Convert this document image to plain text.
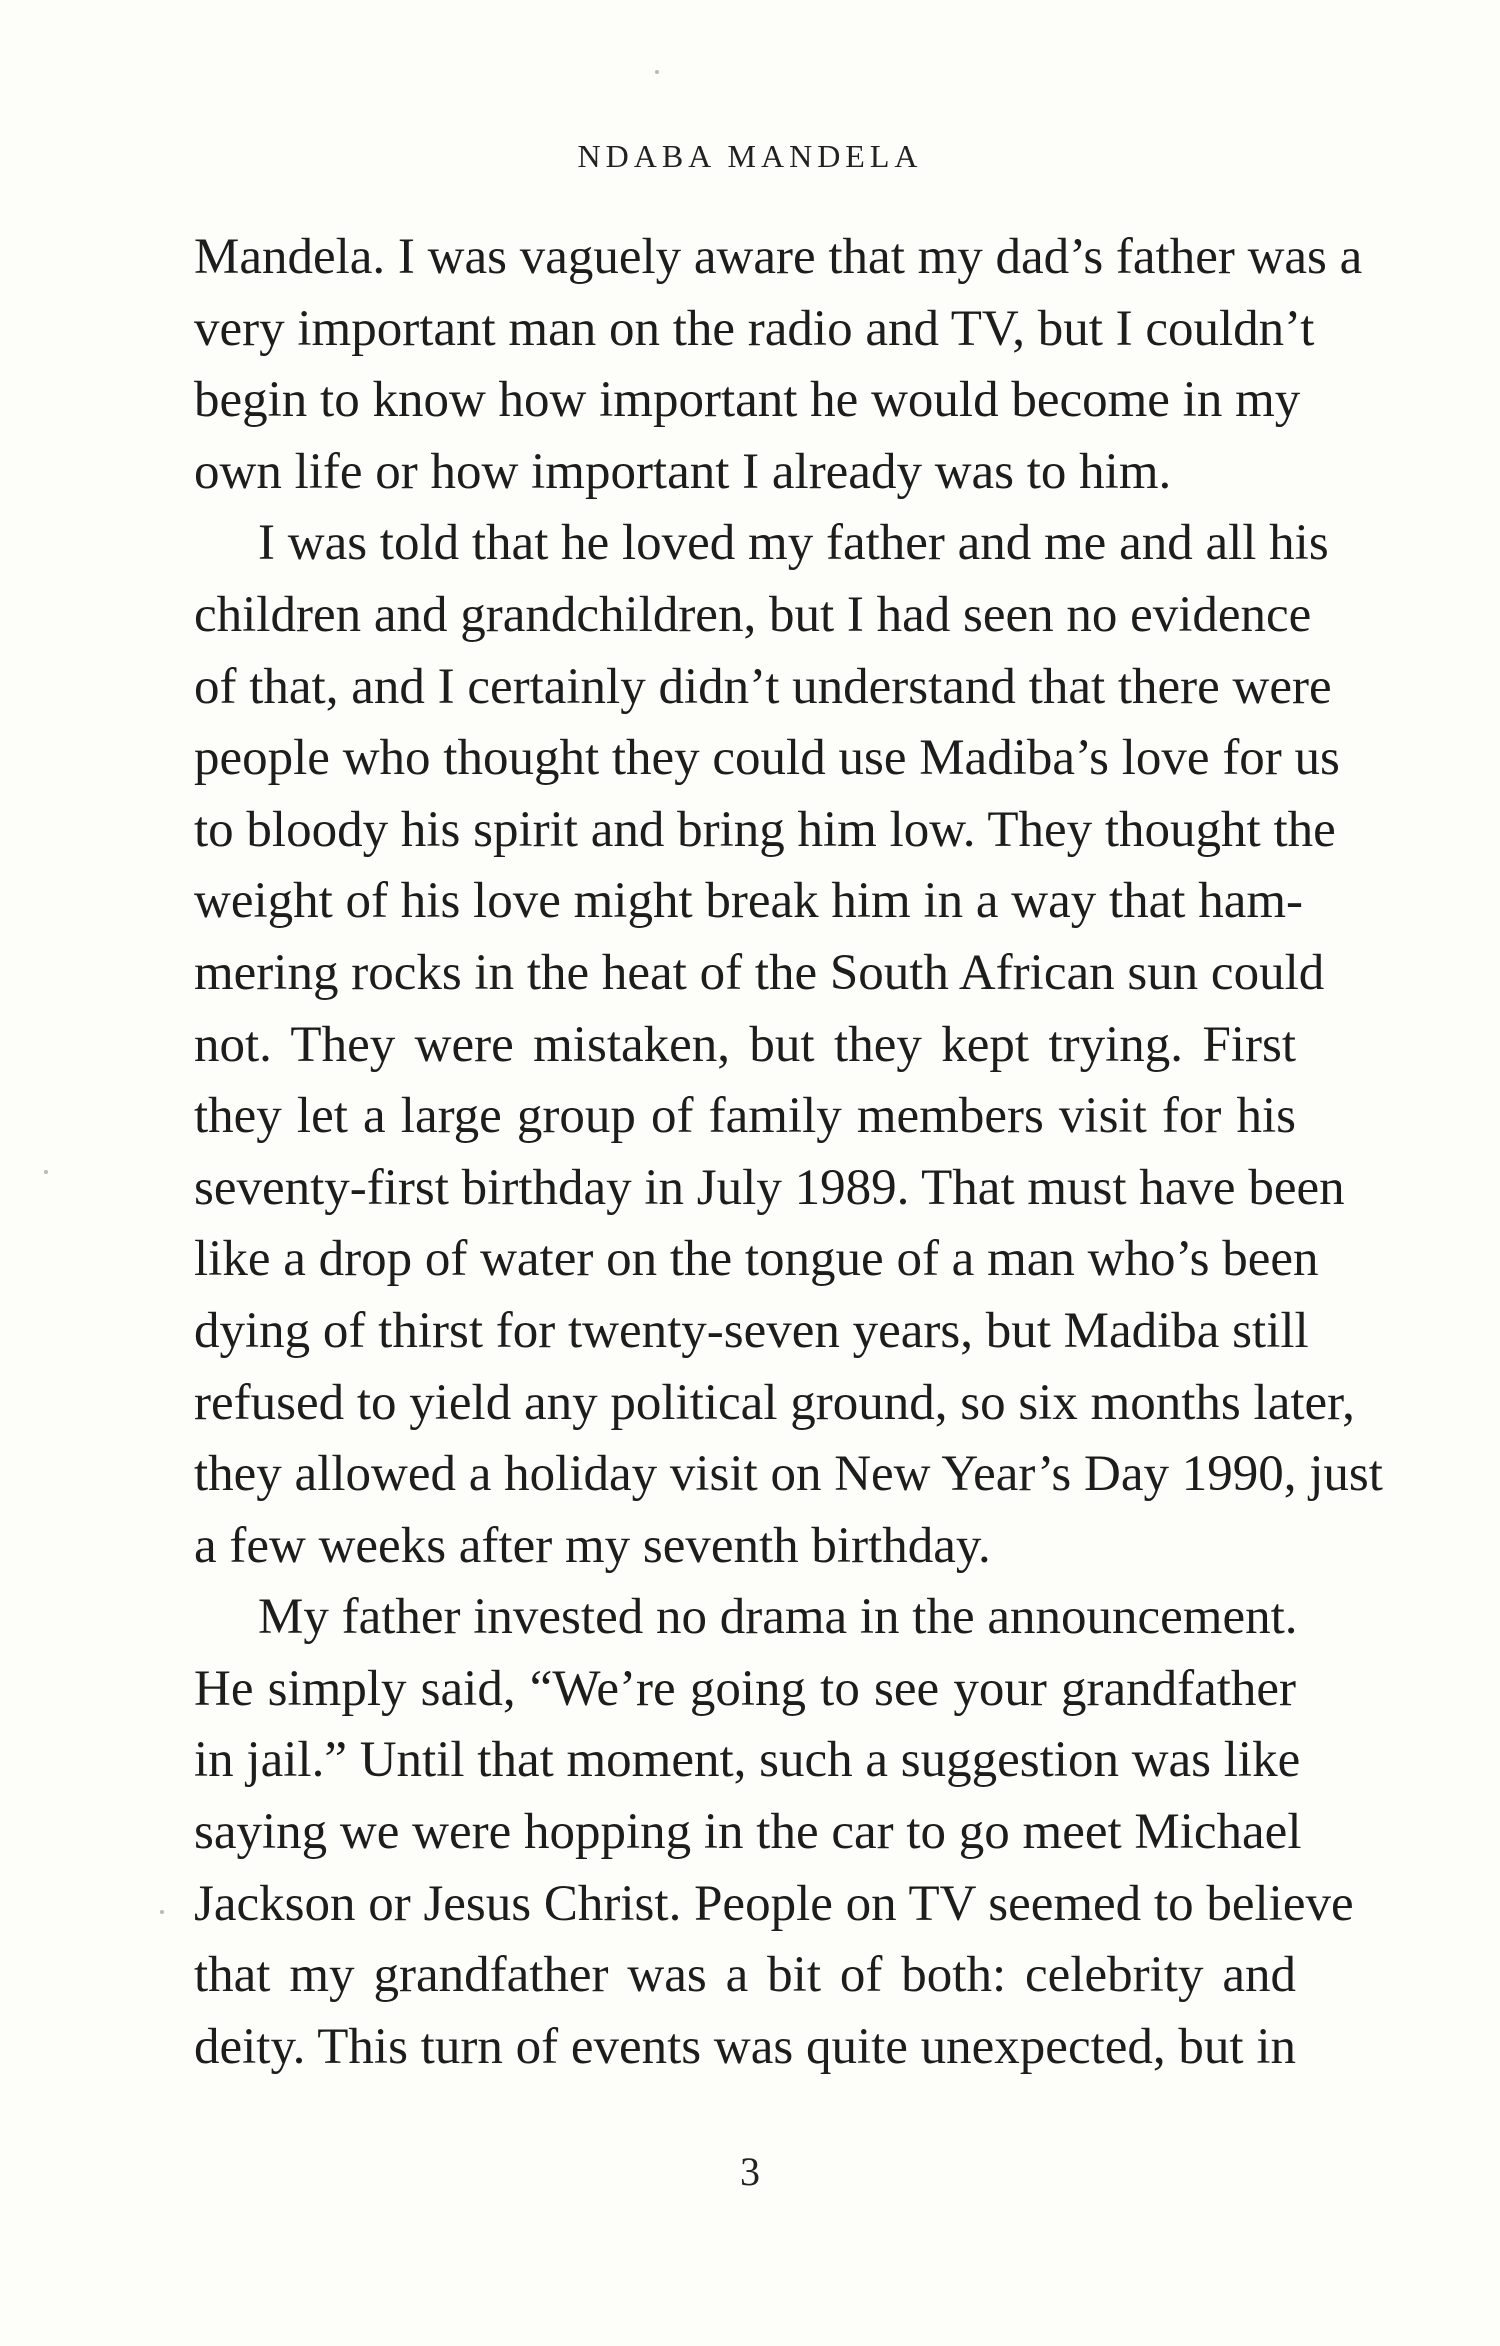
NDABA MANDELA
Mandela. I was vaguely aware that my dad’s father was a
very important man on the radio and TV, but I couldn’t
begin to know how important he would become in my
own life or how important I already was to him.
I was told that he loved my father and me and all his
children and grandchildren, but I had seen no evidence
of that, and I certainly didn’t understand that there were
people who thought they could use Madiba’s love for us
to bloody his spirit and bring him low. They thought the
weight of his love might break him in a way that ham-
mering rocks in the heat of the South African sun could
not. They were mistaken, but they kept trying. First
they let a large group of family members visit for his
seventy-first birthday in July 1989. That must have been
like a drop of water on the tongue of a man who’s been
dying of thirst for twenty-seven years, but Madiba still
refused to yield any political ground, so six months later,
they allowed a holiday visit on New Year’s Day 1990, just
a few weeks after my seventh birthday.
My father invested no drama in the announcement.
He simply said, “We’re going to see your grandfather
in jail.” Until that moment, such a suggestion was like
saying we were hopping in the car to go meet Michael
Jackson or Jesus Christ. People on TV seemed to believe
that my grandfather was a bit of both: celebrity and
deity. This turn of events was quite unexpected, but in
3
